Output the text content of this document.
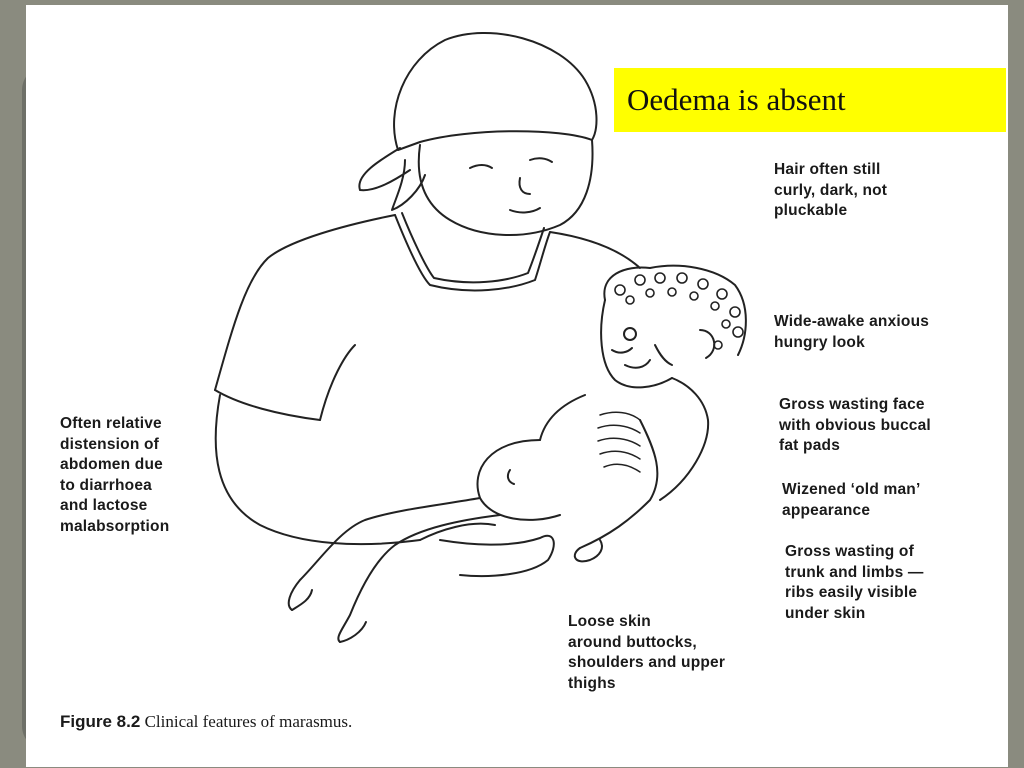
Oedema is absent
Hair often still
curly, dark, not
pluckable
Wide-awake anxious
hungry look
Gross wasting face
with obvious buccal
fat pads
Wizened ‘old man’
appearance
Gross wasting of
trunk and limbs —
ribs easily visible
under skin
Loose skin
around buttocks,
shoulders and upper
thighs
Often relative
distension of
abdomen due
to diarrhoea
and lactose
malabsorption
Figure 8.2 Clinical features of marasmus.
